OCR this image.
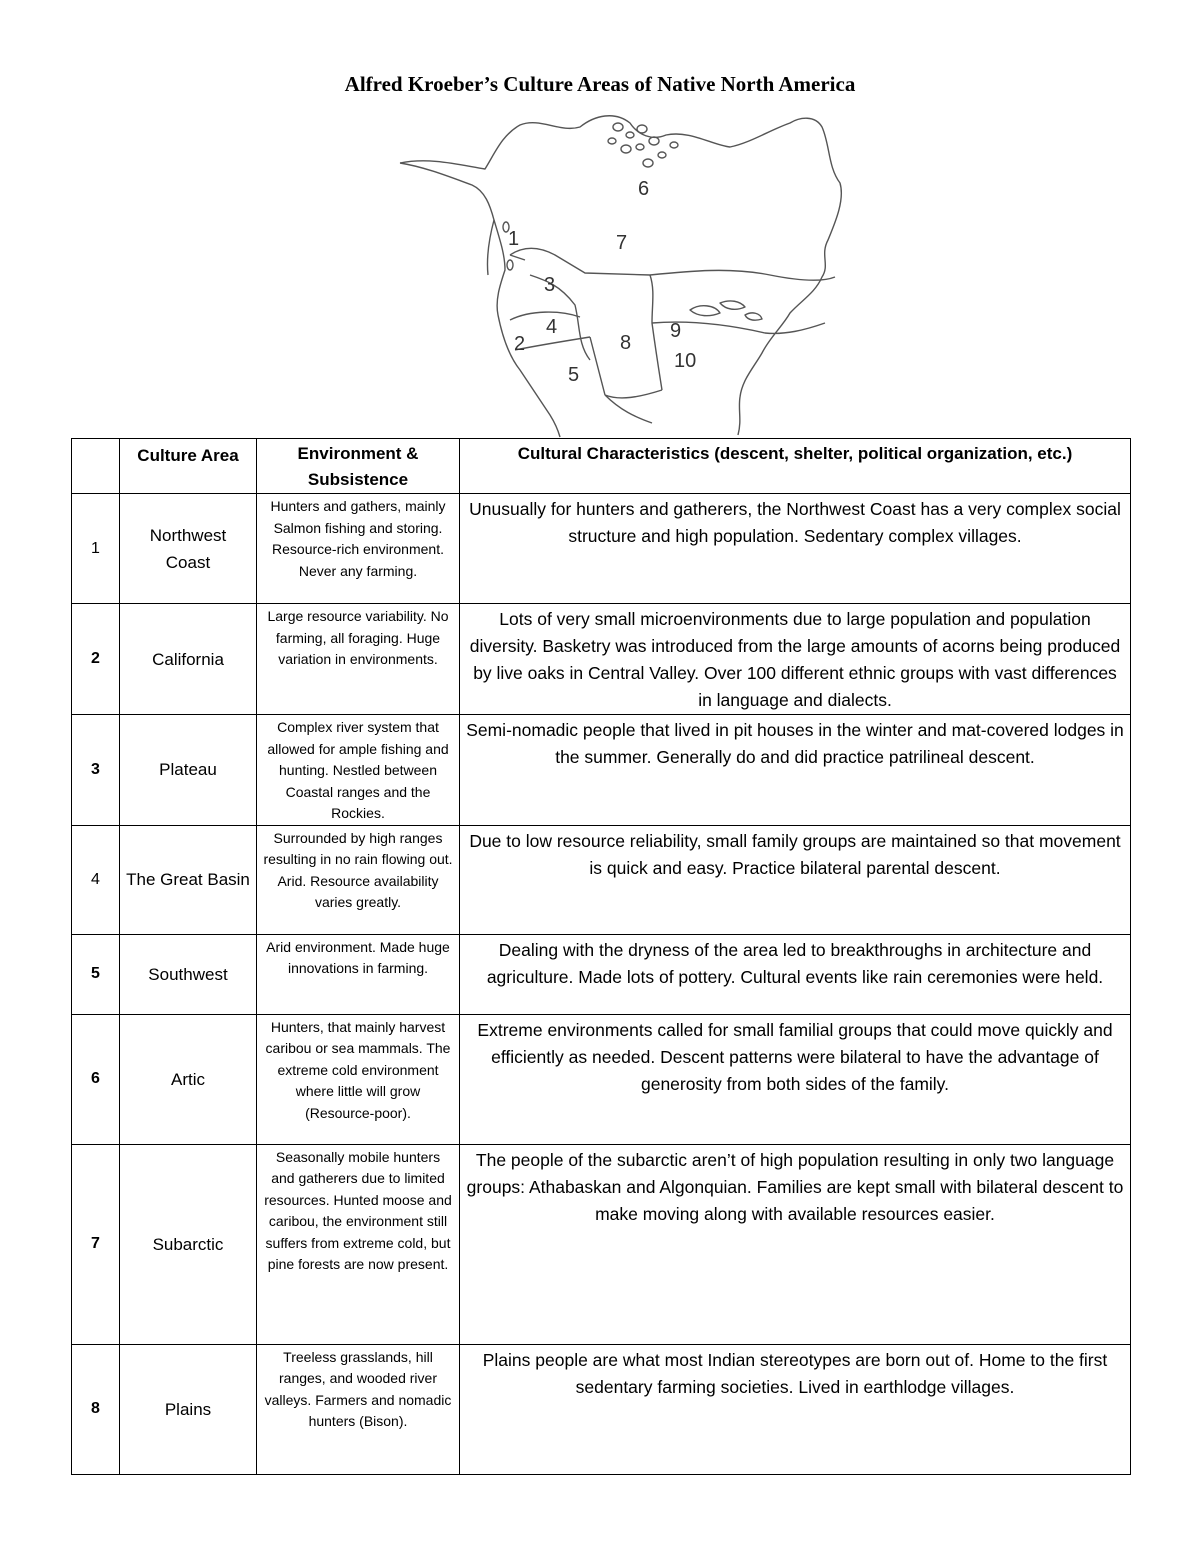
Alfred Kroeber’s Culture Areas of Native North America
1
2
3
4
5
6
7
8
9
10
	Culture Area	Environment & Subsistence	Cultural Characteristics (descent, shelter, political organization, etc.)
1	Northwest Coast	Hunters and gathers, mainly Salmon fishing and storing. Resource-rich environment. Never any farming.	Unusually for hunters and gatherers, the Northwest Coast has a very complex social structure and high population. Sedentary complex villages.
2	California	Large resource variability. No farming, all foraging. Huge variation in environments.	Lots of very small microenvironments due to large population and population diversity. Basketry was introduced from the large amounts of acorns being produced by live oaks in Central Valley. Over 100 different ethnic groups with vast differences in language and dialects.
3	Plateau	Complex river system that allowed for ample fishing and hunting. Nestled between Coastal ranges and the Rockies.	Semi-nomadic people that lived in pit houses in the winter and mat-covered lodges in the summer. Generally do and did practice patrilineal descent.
4	The Great Basin	Surrounded by high ranges resulting in no rain flowing out. Arid. Resource availability varies greatly.	Due to low resource reliability, small family groups are maintained so that movement is quick and easy. Practice bilateral parental descent.
5	Southwest	Arid environment. Made huge innovations in farming.	Dealing with the dryness of the area led to breakthroughs in architecture and agriculture. Made lots of pottery. Cultural events like rain ceremonies were held.
6	Artic	Hunters, that mainly harvest caribou or sea mammals. The extreme cold environment where little will grow (Resource-poor).	Extreme environments called for small familial groups that could move quickly and efficiently as needed. Descent patterns were bilateral to have the advantage of generosity from both sides of the family.
7	Subarctic	Seasonally mobile hunters and gatherers due to limited resources. Hunted moose and caribou, the environment still suffers from extreme cold, but pine forests are now present.	The people of the subarctic aren’t of high population resulting in only two language groups: Athabaskan and Algonquian. Families are kept small with bilateral descent to make moving along with available resources easier.
8	Plains	Treeless grasslands, hill ranges, and wooded river valleys. Farmers and nomadic hunters (Bison).	Plains people are what most Indian stereotypes are born out of. Home to the first sedentary farming societies. Lived in earthlodge villages.
